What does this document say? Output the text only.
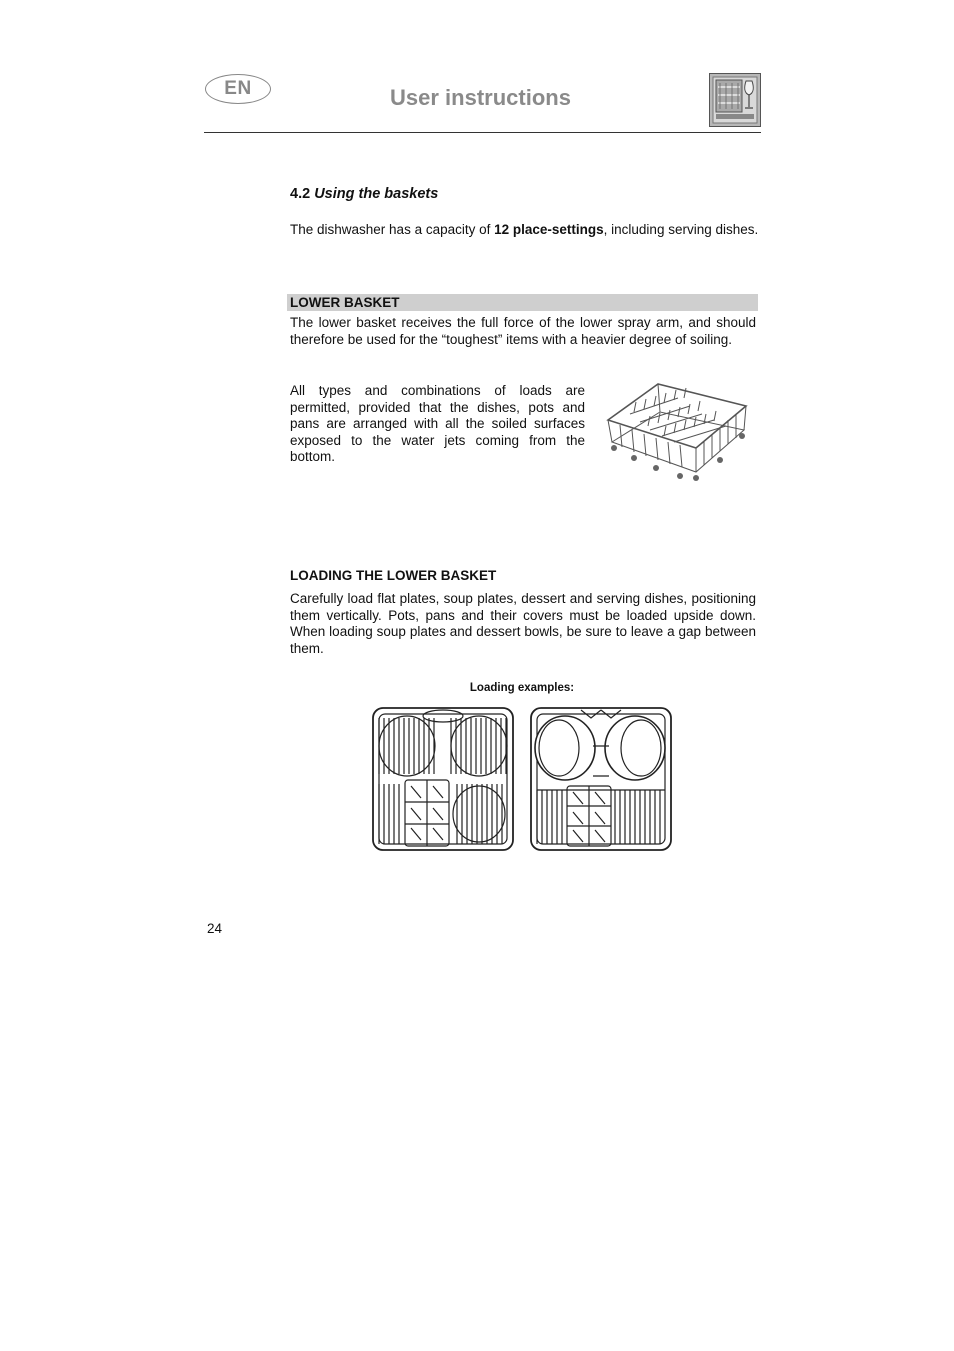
EN	User instructions
4.2 Using the baskets

The dishwasher has a capacity of 12 place-settings, including serving dishes.

LOWER BASKET

The lower basket receives the full force of the lower spray arm, and should therefore be used for the “toughest” items with a heavier degree of soiling.

All types and combinations of loads are permitted, provided that the dishes, pots and pans are arranged with all the soiled surfaces exposed to the water jets coming from the bottom.

LOADING THE LOWER BASKET

Carefully load flat plates, soup plates, dessert and serving dishes, positioning them vertically. Pots, pans and their covers must be loaded upside down. When loading soup plates and dessert bowls, be sure to leave a gap between them.

Loading examples:
24
